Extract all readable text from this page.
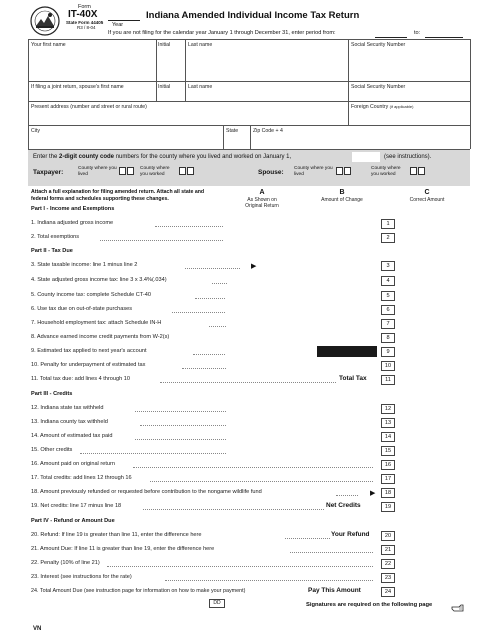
Form
IT-40X
State Form 44405
R3 / 8-04	Year
Indiana Amended Individual Income Tax Return
If you are not filing for the calendar year January 1 through December 31, enter period from:	to:
Your first name	Initial	Last name	Social Security Number
If filing a joint return, spouse's first name	Initial	Last name	Social Security Number
Present address (number and street or rural route)	Foreign Country (if applicable)
City	State	Zip Code + 4
Enter the 2-digit county code numbers for the county where you lived and worked on January 1,	(see instructions).
Taxpayer:
County where you lived
County where you worked	Spouse:
County where you lived
County where you worked
Attach a full explanation for filing amended return. Attach all state and federal forms and schedules supporting these changes.
Part I - Income and Exemptions
A
As Shown on Original Return
B
Amount of Change
C
Correct Amount
1. Indiana adjusted gross income	1
2. Total exemptions	2
Part II - Tax Due
3. State taxable income: line 1 minus line 2	▶	3
4. State adjusted gross income tax: line 3 x 3.4%(.034)	4
5. County income tax: complete Schedule CT-40	5
6. Use tax due on out-of-state purchases	6
7. Household employment tax: attach Schedule IN-H	7
8. Advance earned income credit payments from W-2(s)	8
9. Estimated tax applied to next year's account	9
10. Penalty for underpayment of estimated tax	10
11. Total tax due: add lines 4 through 10	Total Tax	11
Part III - Credits
12. Indiana state tax withheld	12
13. Indiana county tax withheld	13
14. Amount of estimated tax paid	14
15. Other credits	15
16. Amount paid on original return	16
17. Total credits: add lines 12 through 16	17
18. Amount previously refunded or requested before contribution to the nongame wildlife fund	▶	18
19. Net credits: line 17 minus line 18	Net Credits	19
Part IV - Refund or Amount Due
20. Refund: If line 19 is greater than line 11, enter the difference here	Your Refund	20
21. Amount Due: If line 11 is greater than line 19, enter the difference here	21
22. Penalty (10% of line 21)	22
23. Interest (see instructions for the rate)	23
24. Total Amount Due (see instruction page for information on how to make your payment)	Pay This Amount	24
DD	Signatures are required on the following page
VN
